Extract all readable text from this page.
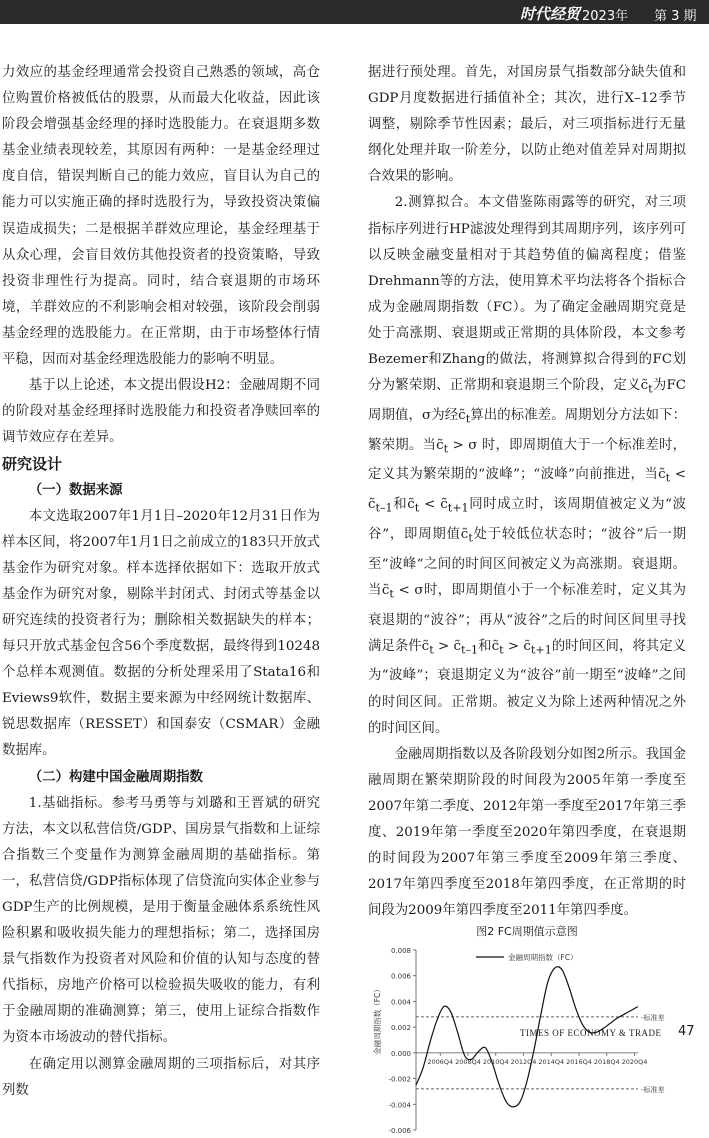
时代经贸 2023年 第 3 期

力效应的基金经理通常会投资自己熟悉的领域，高仓位购置价格被低估的股票，从而最大化收益，因此该阶段会增强基金经理的择时选股能力。在衰退期多数基金业绩表现较差，其原因有两种：一是基金经理过度自信，错误判断自己的能力效应，盲目认为自己的能力可以实施正确的择时选股行为，导致投资决策偏误造成损失；二是根据羊群效应理论，基金经理基于从众心理，会盲目效仿其他投资者的投资策略，导致投资非理性行为提高。同时，结合衰退期的市场环境，羊群效应的不利影响会相对较强，该阶段会削弱基金经理的选股能力。在正常期，由于市场整体行情平稳，因而对基金经理选股能力的影响不明显。

基于以上论述，本文提出假设H2：金融周期不同的阶段对基金经理择时选股能力和投资者净赎回率的调节效应存在差异。

研究设计

（一）数据来源

本文选取2007年1月1日–2020年12月31日作为样本区间，将2007年1月1日之前成立的183只开放式基金作为研究对象。样本选择依据如下：选取开放式基金作为研究对象，剔除半封闭式、封闭式等基金以研究连续的投资者行为；删除相关数据缺失的样本；每只开放式基金包含56个季度数据，最终得到10248个总样本观测值。数据的分析处理采用了Stata16和Eviews9软件，数据主要来源为中经网统计数据库、锐思数据库（RESSET）和国泰安（CSMAR）金融数据库。

（二）构建中国金融周期指数

1.基础指标。参考马勇等与刘璐和王晋斌的研究方法，本文以私营信贷/GDP、国房景气指数和上证综合指数三个变量作为测算金融周期的基础指标。第一，私营信贷/GDP指标体现了信贷流向实体企业参与GDP生产的比例规模，是用于衡量金融体系系统性风险积累和吸收损失能力的理想指标；第二，选择国房景气指数作为投资者对风险和价值的认知与态度的替代指标，房地产价格可以检验损失吸收的能力，有利于金融周期的准确测算；第三，使用上证综合指数作为资本市场波动的替代指标。

在确定用以测算金融周期的三项指标后，对其序列数

据进行预处理。首先，对国房景气指数部分缺失值和GDP月度数据进行插值补全；其次，进行X–12季节调整，剔除季节性因素；最后，对三项指标进行无量纲化处理并取一阶差分，以防止绝对值差异对周期拟合效果的影响。

2.测算拟合。本文借鉴陈雨露等的研究，对三项指标序列进行HP滤波处理得到其周期序列，该序列可以反映金融变量相对于其趋势值的偏离程度；借鉴Drehmann等的方法，使用算术平均法将各个指标合成为金融周期指数（FC）。为了确定金融周期究竟是处于高涨期、衰退期或正常期的具体阶段，本文参考Bezemer和Zhang的做法，将测算拟合得到的FC划分为繁荣期、正常期和衰退期三个阶段，定义$c̃_t$为FC周期值，σ为经$c̃_t$算出的标准差。周期划分方法如下：繁荣期。当$c̃_t > \sigma$ 时，即周期值大于一个标准差时，定义其为繁荣期的“波峰”；“波峰”向前推进，当$c̃_t$ < $c̃_{t-1}$和$c̃_t$ < $c̃_{t+1}$同时成立时，该周期值被定义为“波谷”，即周期值$c̃_t$处于较低位状态时；“波谷”后一期至“波峰”之间的时间区间被定义为高涨期。衰退期。当$c̃_t < \sigma$时，即周期值小于一个标准差时，定义其为衰退期的“波谷”；再从“波谷”之后的时间区间里寻找满足条件$c̃_t$ > $c̃_{t-1}$和$c̃_t$ > $c̃_{t+1}$的时间区间，将其定义为“波峰”；衰退期定义为“波谷”前一期至“波峰”之间的时间区间。正常期。被定义为除上述两种情况之外的时间区间。

金融周期指数以及各阶段划分如图2所示。我国金融周期在繁荣期阶段的时间段为2005年第一季度至2007年第二季度、2012年第一季度至2017年第三季度、2019年第一季度至2020年第四季度，在衰退期的时间段为2007年第三季度至2009年第三季度、2017年第四季度至2018年第四季度，在正常期的时间段为2009年第四季度至2011年第四季度。

图2 FC周期值示意图

0.008
0.006
0.004
0.002
0.000
-0.002
-0.004
-0.006
2006Q4 2008Q4 2010Q4 2012Q4 2014Q4 2016Q4 2018Q4 2020Q4
-标准差
-标准差
金融周期指数（FC）
金融周期指数（FC）	TIMES OF ECONOMY & TRADE 47
